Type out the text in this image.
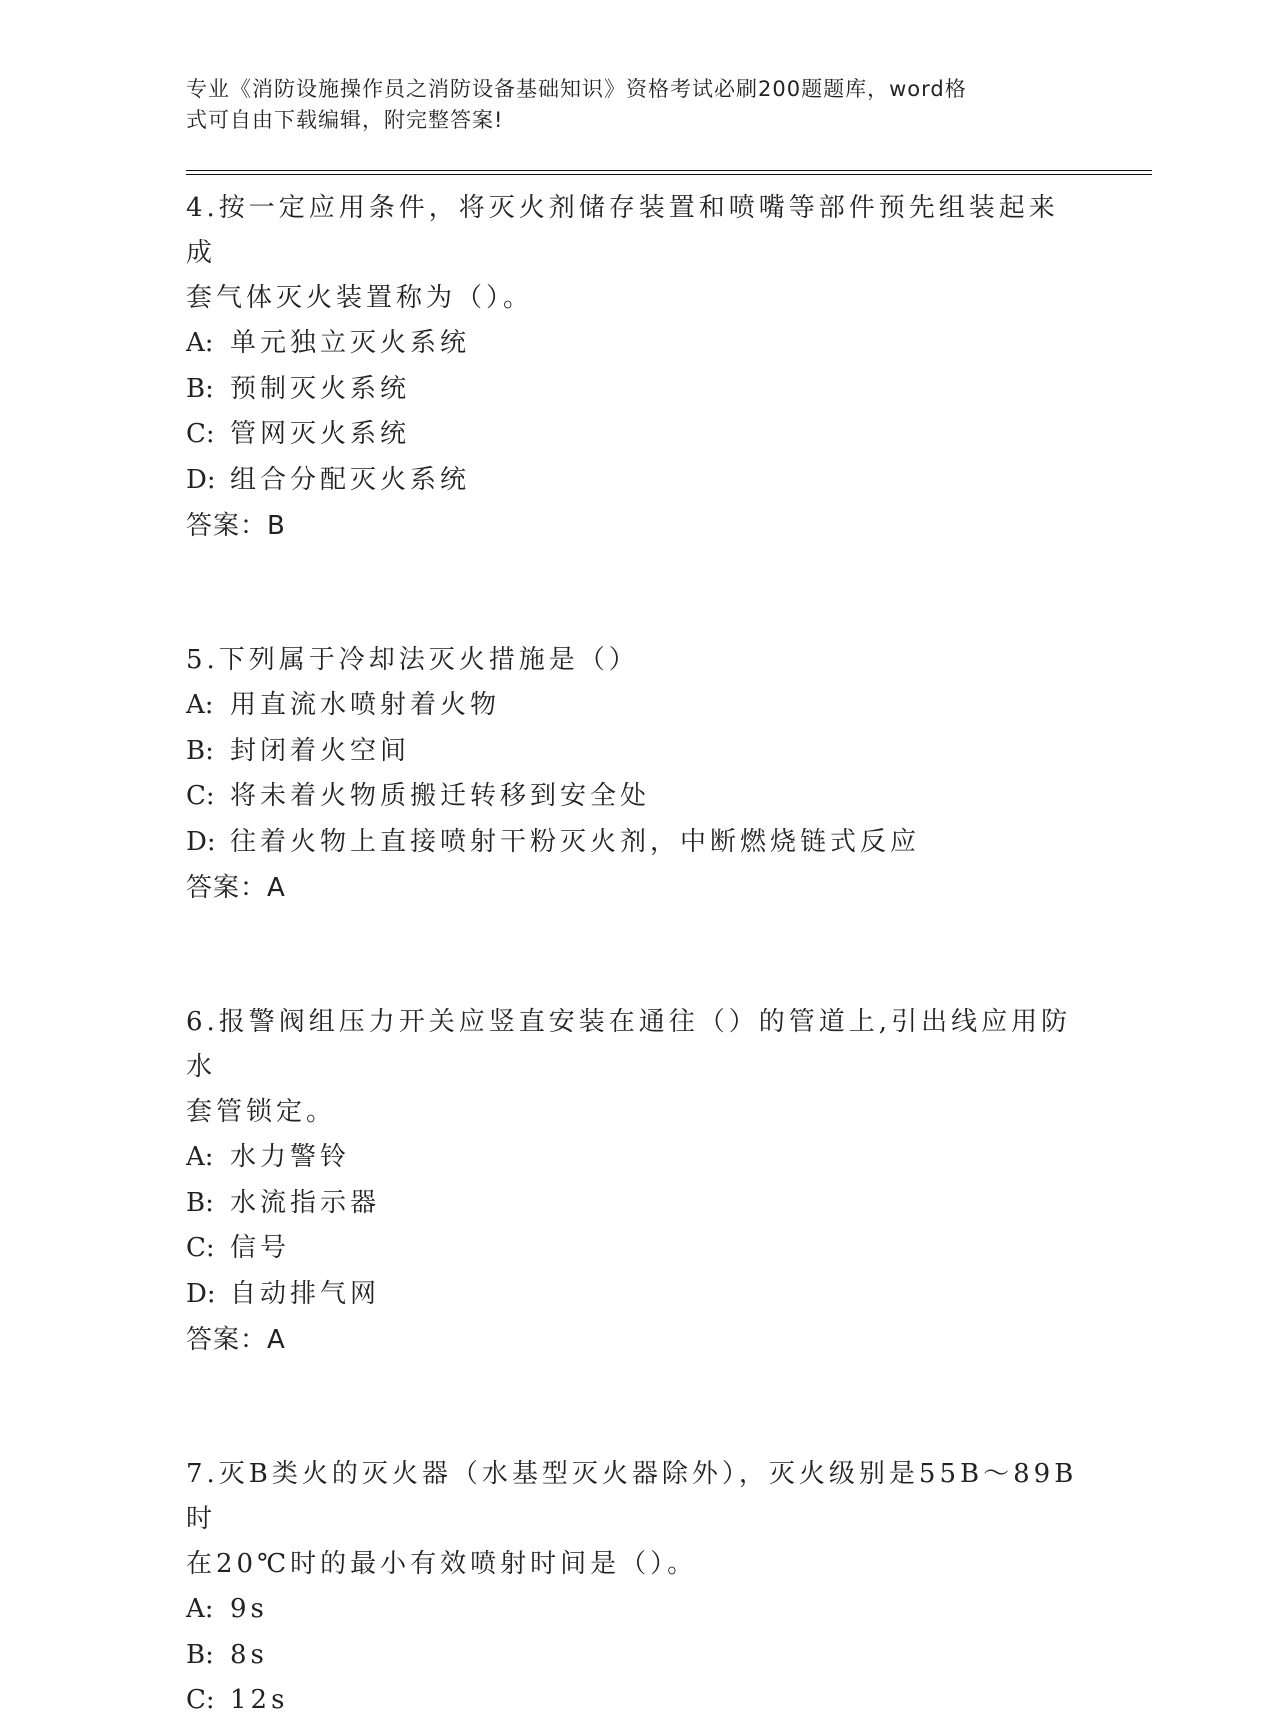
专业《消防设施操作员之消防设备基础知识》资格考试必刷200题题库，word格
式可自由下载编辑，附完整答案!

4.按一定应用条件，将灭火剂储存装置和喷嘴等部件预先组装起来成

套气体灭火装置称为（）。

A: 单元独立灭火系统

B: 预制灭火系统

C: 管网灭火系统

D: 组合分配灭火系统

答案：B

5.下列属于冷却法灭火措施是（）

A: 用直流水喷射着火物

B: 封闭着火空间

C: 将未着火物质搬迁转移到安全处

D: 往着火物上直接喷射干粉灭火剂，中断燃烧链式反应

答案：A

6.报警阀组压力开关应竖直安装在通往（）的管道上,引出线应用防水

套管锁定。

A: 水力警铃

B: 水流指示器

C: 信号

D: 自动排气网

答案：A

7.灭B类火的灭火器（水基型灭火器除外），灭火级别是55B～89B时

在20℃时的最小有效喷射时间是（）。

A: 9s

B: 8s

C: 12s
